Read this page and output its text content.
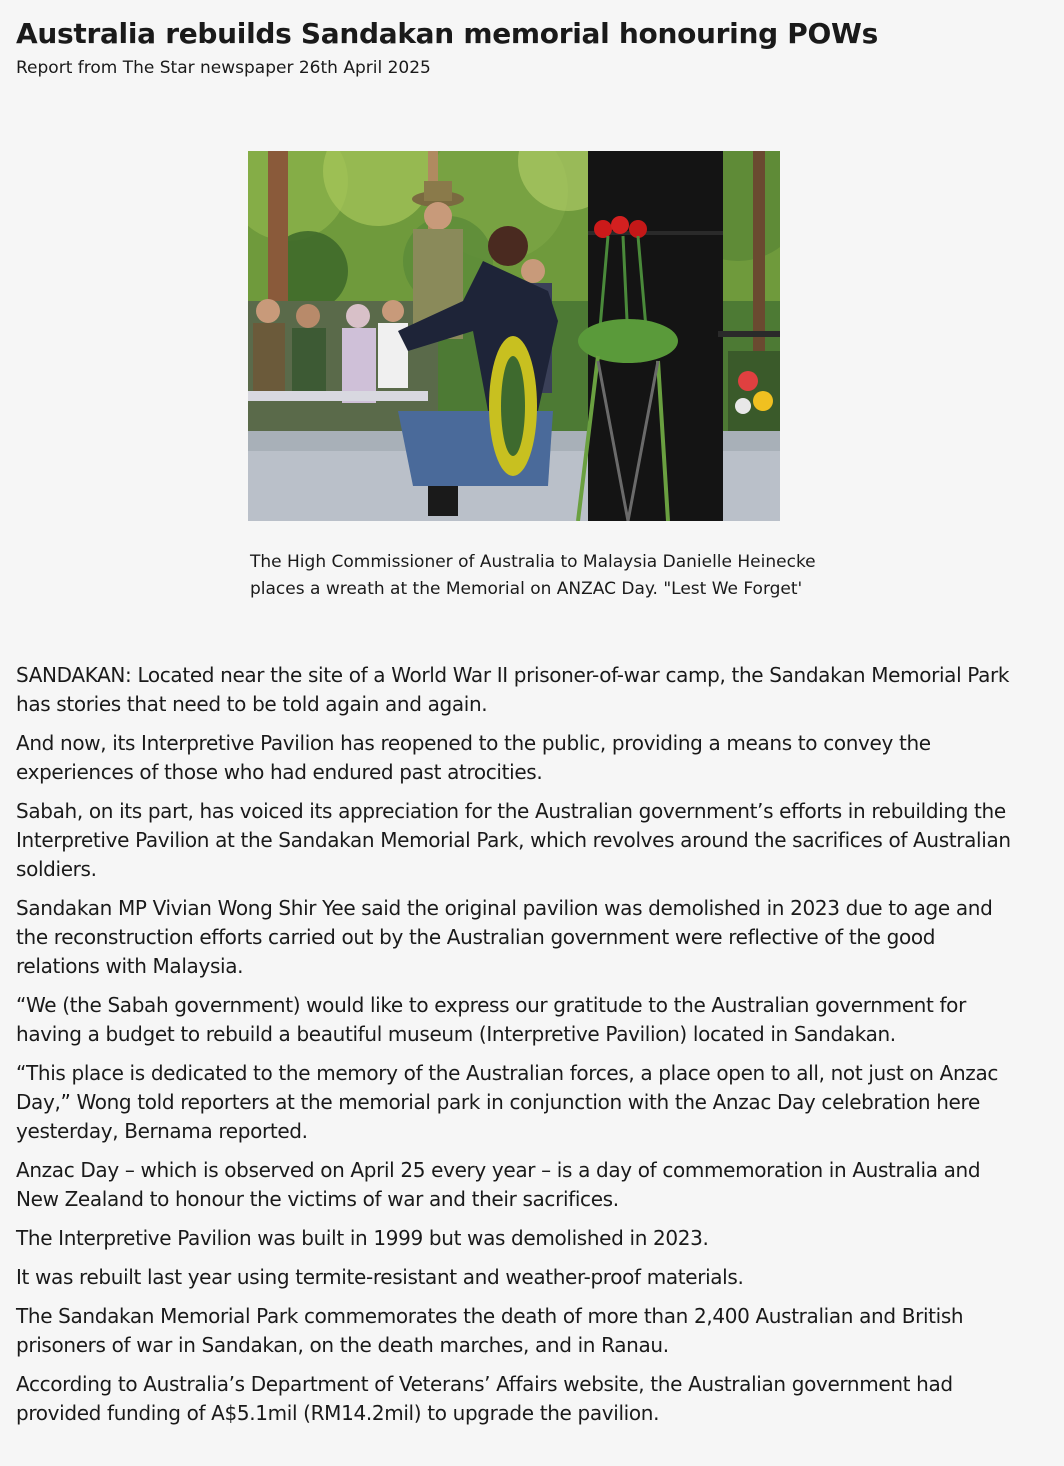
Australia rebuilds Sandakan memorial honouring POWs
Report from The Star newspaper 26th April 2025
The High Commissioner of Australia to Malaysia Danielle Heinecke
places a wreath at the Memorial on ANZAC Day. "Lest We Forget'

SANDAKAN: Located near the site of a World War II prisoner-of-war camp, the Sandakan Memorial Park has stories that need to be told again and again.

And now, its Interpretive Pavilion has reopened to the public, providing a means to convey the experiences of those who had endured past atrocities.

Sabah, on its part, has voiced its appreciation for the Australian government’s efforts in rebuilding the Interpretive Pavilion at the Sandakan Memorial Park, which revolves around the sacrifices of Australian soldiers.

Sandakan MP Vivian Wong Shir Yee said the original pavilion was demolished in 2023 due to age and the reconstruction efforts carried out by the Australian government were reflective of the good relations with Malaysia.

“We (the Sabah government) would like to express our gratitude to the Australian government for having a budget to rebuild a beautiful museum (Interpretive Pavilion) located in Sandakan.

“This place is dedicated to the memory of the Australian forces, a place open to all, not just on Anzac Day,” Wong told reporters at the memorial park in conjunction with the Anzac Day celebration here yesterday, Bernama reported.

Anzac Day – which is observed on April 25 every year – is a day of commemoration in Australia and New Zealand to honour the victims of war and their sacrifices.

The Interpretive Pavilion was built in 1999 but was demolished in 2023.

It was rebuilt last year using termite-resistant and weather-proof materials.

The Sandakan Memorial Park commemorates the death of more than 2,400 Australian and British prisoners of war in Sandakan, on the death marches, and in Ranau.

According to Australia’s Department of Veterans’ Affairs website, the Australian government had provided funding of A$5.1mil (RM14.2mil) to upgrade the pavilion.
